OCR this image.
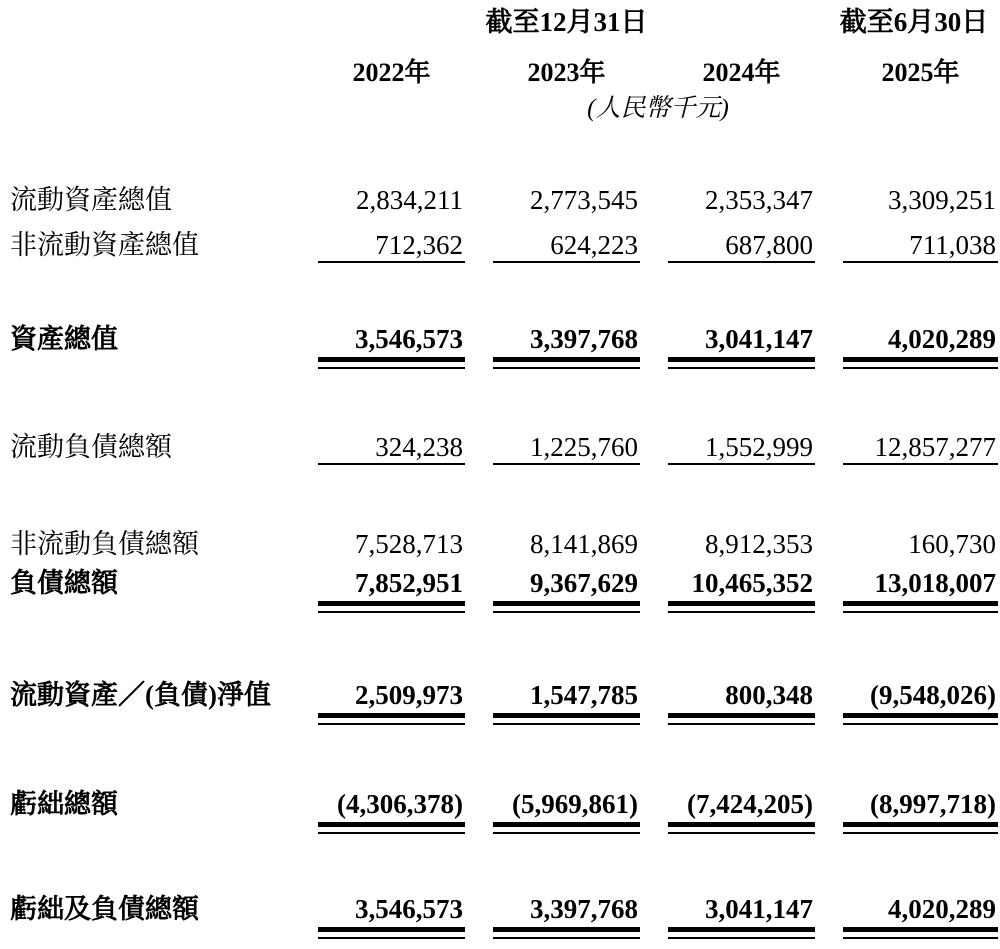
截至12月31日	截至6月30日
2022年	2023年	2024年	2025年
(人民幣千元)
流動資產總值	2,834,211	2,773,545	2,353,347	3,309,251
非流動資產總值	712,362	624,223	687,800	711,038
資產總值	3,546,573	3,397,768	3,041,147	4,020,289
流動負債總額	324,238	1,225,760	1,552,999	12,857,277
非流動負債總額	7,528,713	8,141,869	8,912,353	160,730
負債總額	7,852,951	9,367,629	10,465,352	13,018,007
流動資產／(負債)淨值	2,509,973	1,547,785	800,348	(9,548,026)
虧絀總額	(4,306,378)	(5,969,861)	(7,424,205)	(8,997,718)
虧絀及負債總額	3,546,573	3,397,768	3,041,147	4,020,289
